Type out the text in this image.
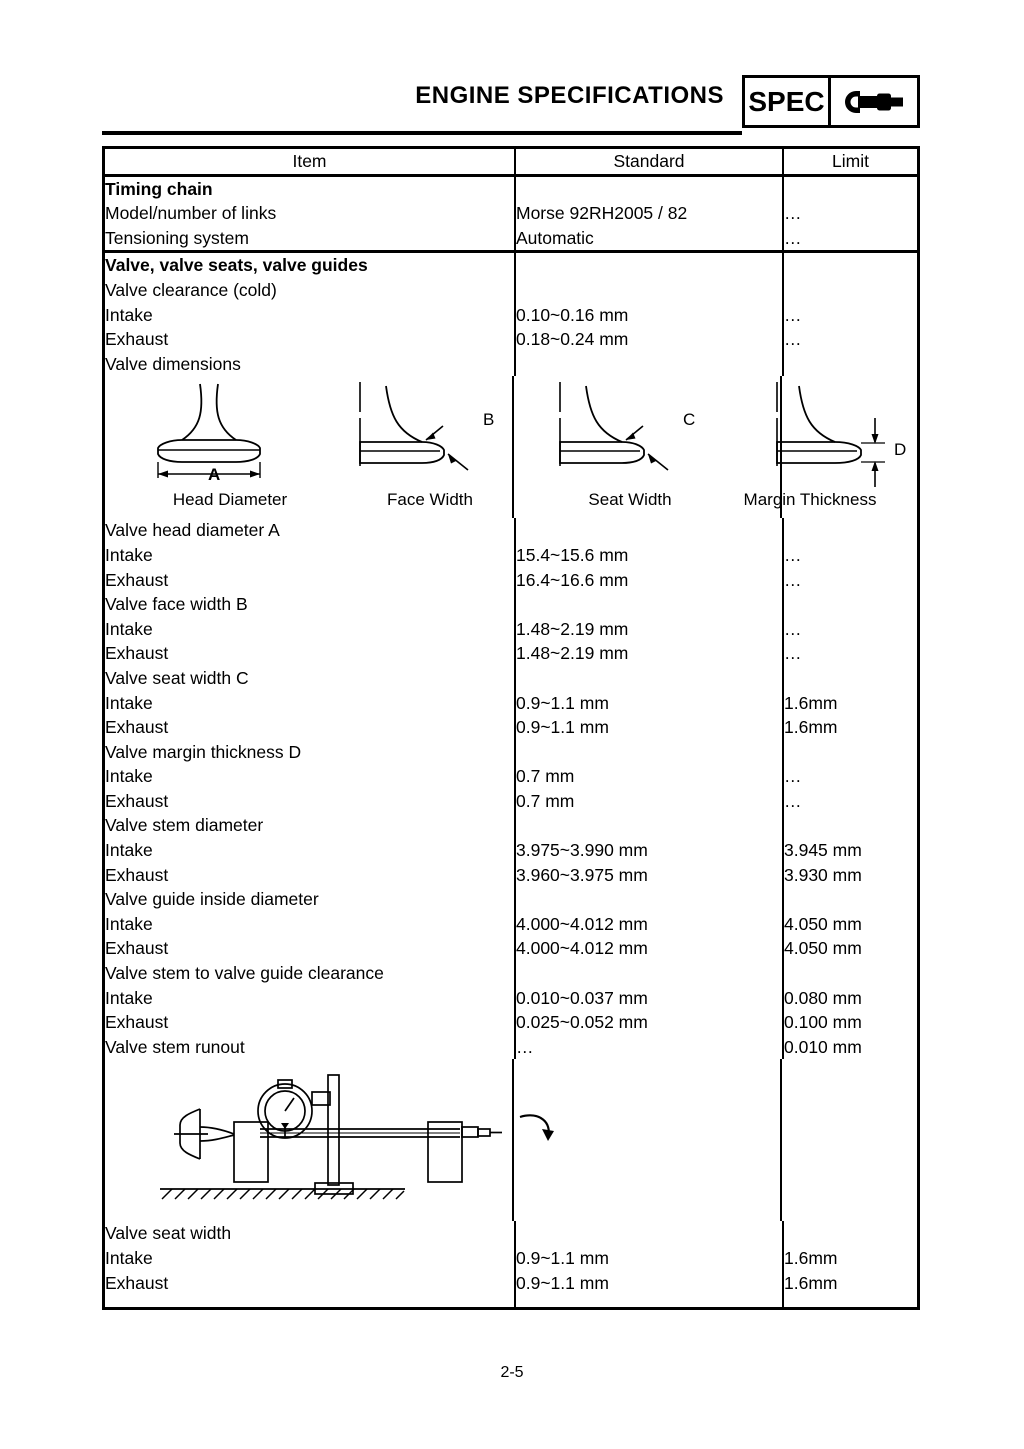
ENGINE SPECIFICATIONS SPEC
Item	Standard	Limit
Timing chain		
Model/number of links	Morse 92RH2005 / 82	…
Tensioning system	Automatic	…
Valve, valve seats, valve guides		
Valve clearance (cold)		
Intake	0.10~0.16 mm	…
Exhaust	0.18~0.24 mm	…
Valve dimensions		

B	C
D
A
Head Diameter	Face Width	Seat Width	Margin Thickness

Valve head diameter A		
Intake	15.4~15.6 mm	…
Exhaust	16.4~16.6 mm	…
Valve face width B		
Intake	1.48~2.19 mm	…
Exhaust	1.48~2.19 mm	…
Valve seat width C		
Intake	0.9~1.1 mm	1.6mm
Exhaust	0.9~1.1 mm	1.6mm
Valve margin thickness D		
Intake	0.7 mm	…
Exhaust	0.7 mm	…
Valve stem diameter		
Intake	3.975~3.990 mm	3.945 mm
Exhaust	3.960~3.975 mm	3.930 mm
Valve guide inside diameter		
Intake	4.000~4.012 mm	4.050 mm
Exhaust	4.000~4.012 mm	4.050 mm
Valve stem to valve guide clearance		
Intake	0.010~0.037 mm	0.080 mm
Exhaust	0.025~0.052 mm	0.100 mm
Valve stem runout	…	0.010 mm

Valve seat width		
Intake	0.9~1.1 mm	1.6mm
Exhaust	0.9~1.1 mm	1.6mm

2-5
